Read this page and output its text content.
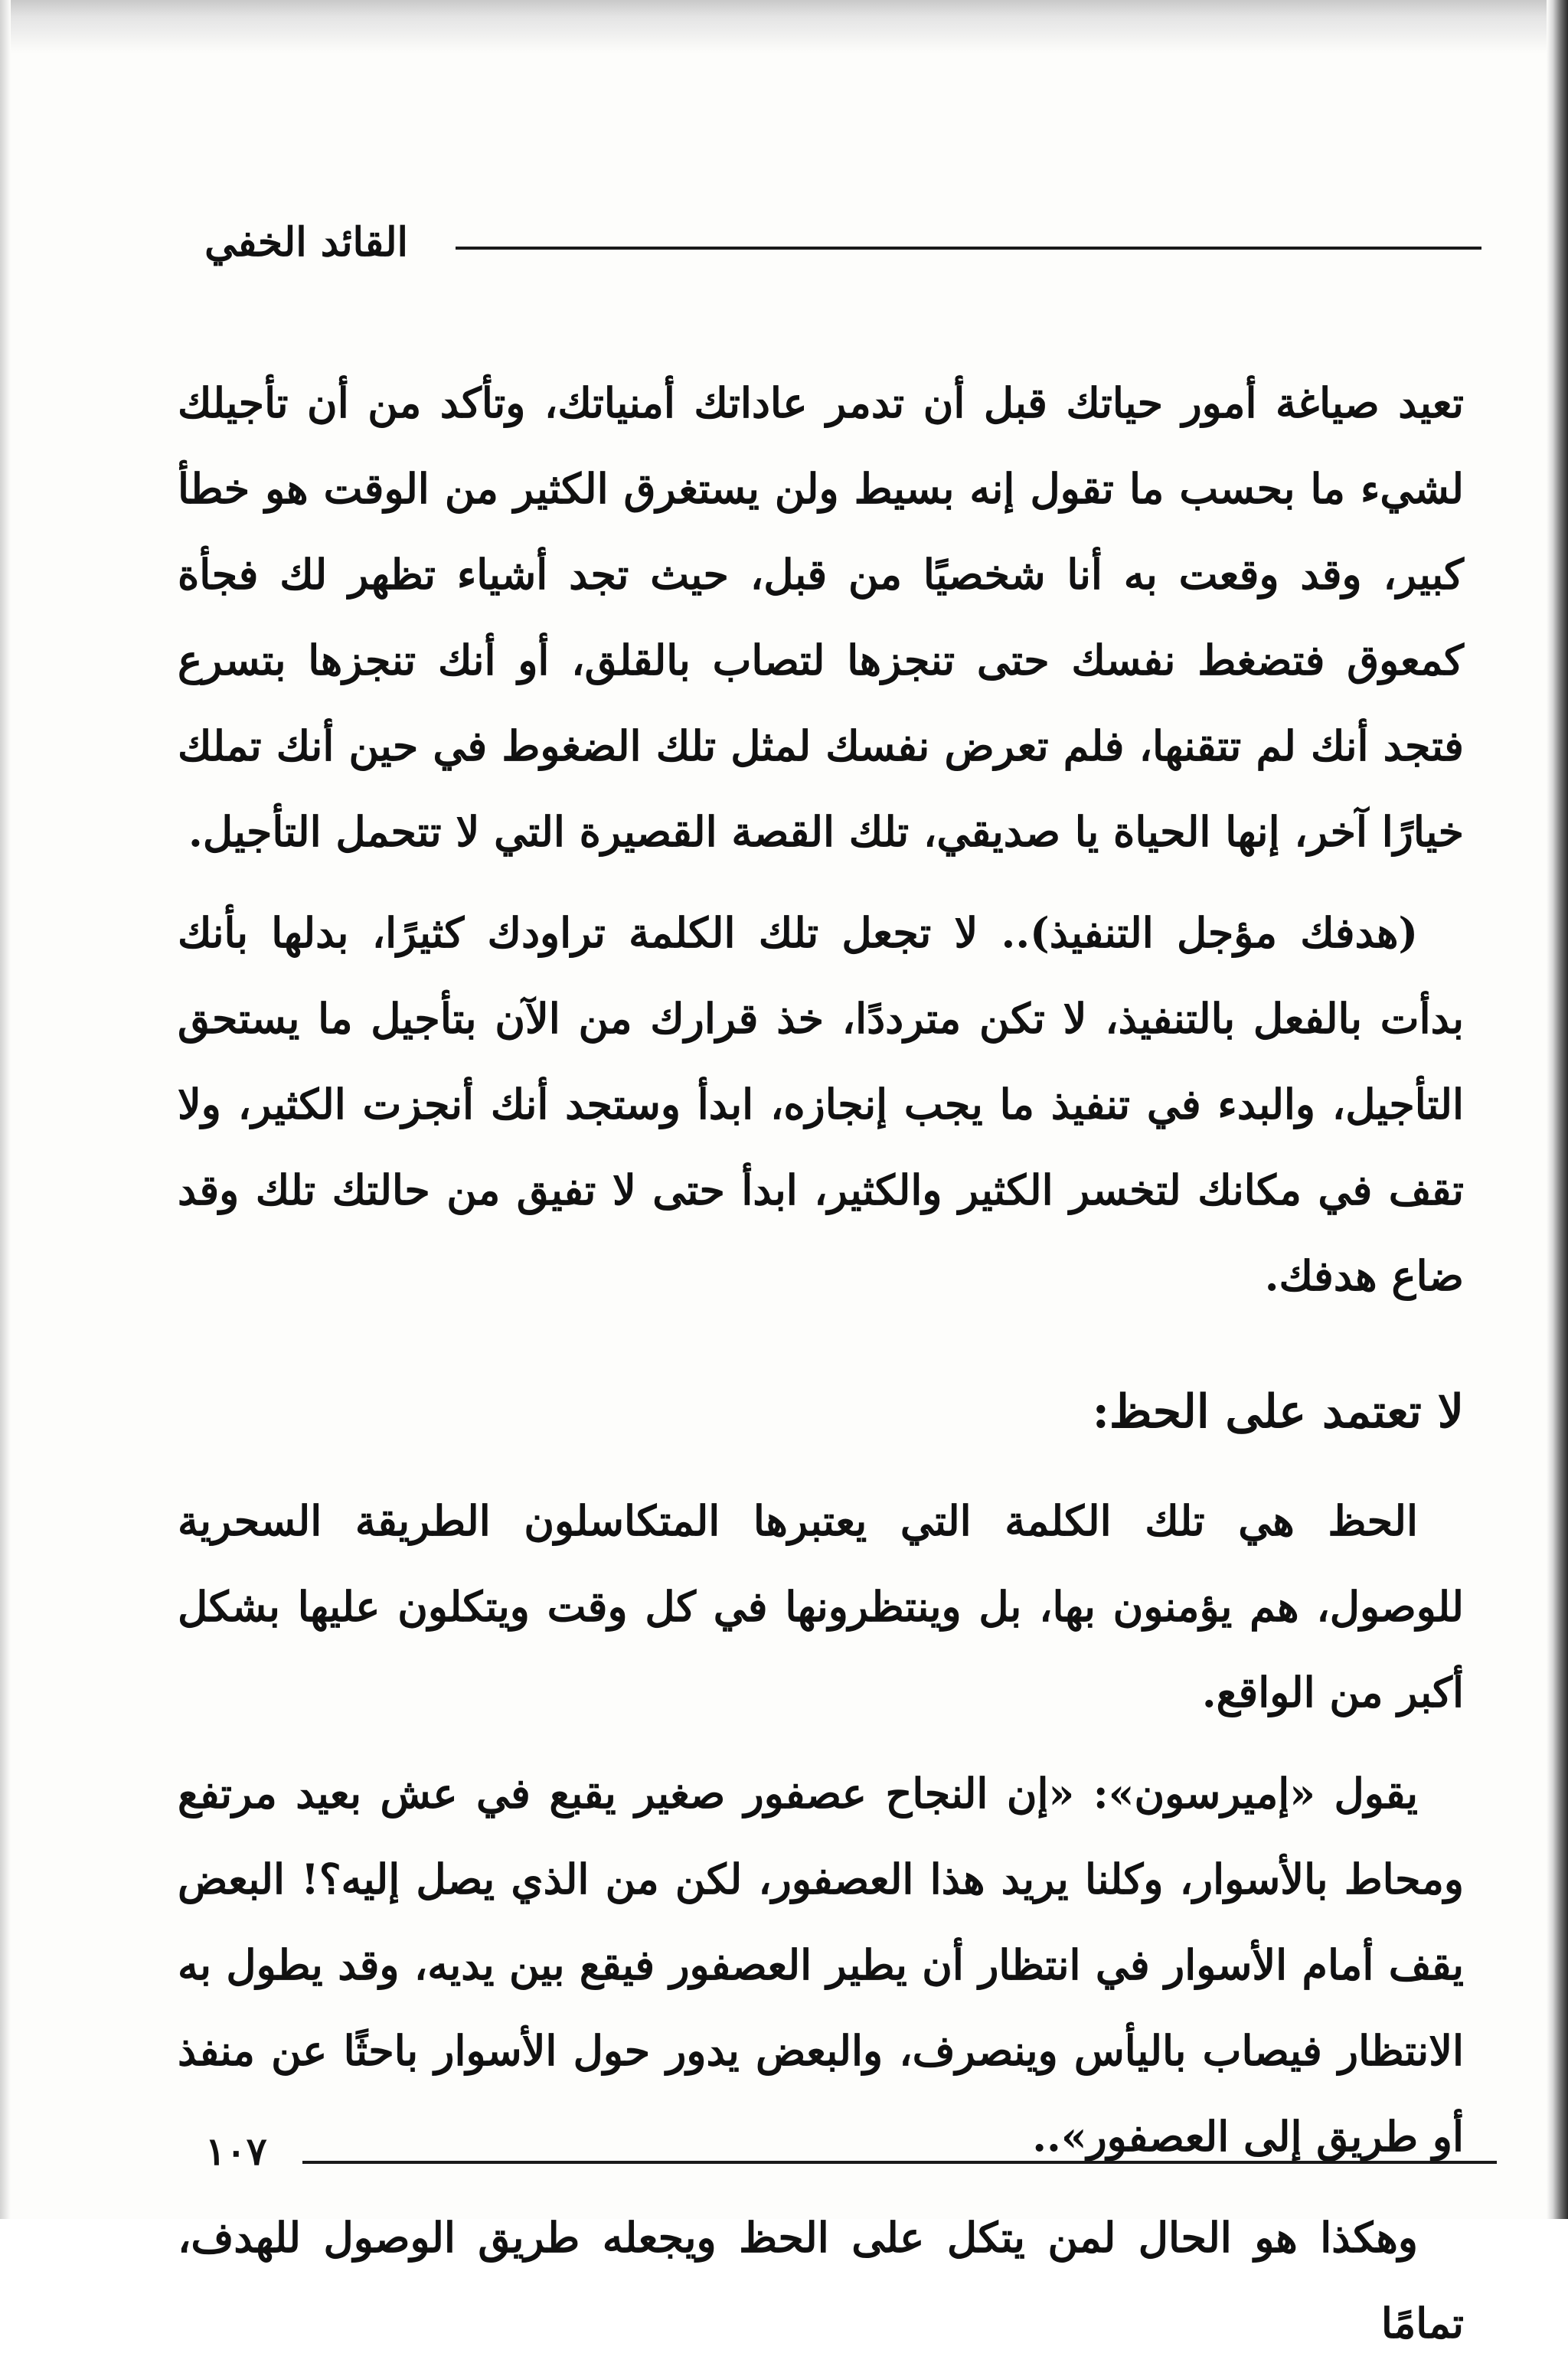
القائد الخفي

تعيد صياغة أمور حياتك قبل أن تدمر عاداتك أمنياتك، وتأكد من أن تأجيلك لشيء ما بحسب ما تقول إنه بسيط ولن يستغرق الكثير من الوقت هو خطأ كبير، وقد وقعت به أنا شخصيًا من قبل، حيث تجد أشياء تظهر لك فجأة كمعوق فتضغط نفسك حتى تنجزها لتصاب بالقلق، أو أنك تنجزها بتسرع فتجد أنك لم تتقنها، فلم تعرض نفسك لمثل تلك الضغوط في حين أنك تملك خيارًا آخر، إنها الحياة يا صديقي، تلك القصة القصيرة التي لا تتحمل التأجيل.

(هدفك مؤجل التنفيذ).. لا تجعل تلك الكلمة تراودك كثيرًا، بدلها بأنك بدأت بالفعل بالتنفيذ، لا تكن مترددًا، خذ قرارك من الآن بتأجيل ما يستحق التأجيل، والبدء في تنفيذ ما يجب إنجازه، ابدأ وستجد أنك أنجزت الكثير، ولا تقف في مكانك لتخسر الكثير والكثير، ابدأ حتى لا تفيق من حالتك تلك وقد ضاع هدفك.

لا تعتمد على الحظ:

الحظ هي تلك الكلمة التي يعتبرها المتكاسلون الطريقة السحرية للوصول، هم يؤمنون بها، بل وينتظرونها في كل وقت ويتكلون عليها بشكل أكبر من الواقع.

يقول «إميرسون»: «إن النجاح عصفور صغير يقبع في عش بعيد مرتفع ومحاط بالأسوار، وكلنا يريد هذا العصفور، لكن من الذي يصل إليه؟! البعض يقف أمام الأسوار في انتظار أن يطير العصفور فيقع بين يديه، وقد يطول به الانتظار فيصاب باليأس وينصرف، والبعض يدور حول الأسوار باحثًا عن منفذ أو طريق إلى العصفور»..

وهكذا هو الحال لمن يتكل على الحظ ويجعله طريق الوصول للهدف، تمامًا

١٠٧
